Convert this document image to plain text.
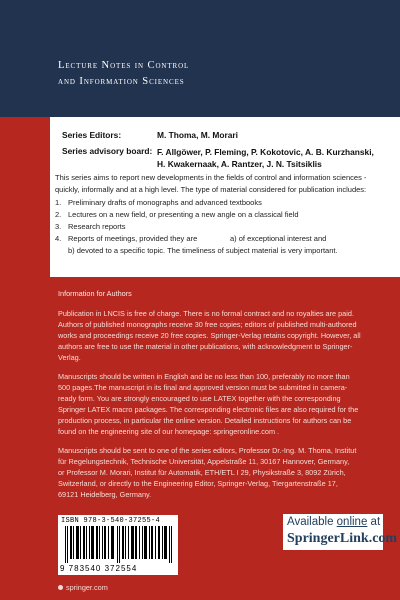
Lecture Notes in Control
and Information Sciences
Series Editors:	M. Thoma, M. Morari
Series advisory board: F. Allgöwer, P. Fleming, P. Kokotovic, A. B. Kurzhanski,
H. Kwakernaak, A. Rantzer, J. N. Tsitsiklis
This series aims to report new developments in the fields of control and information sciences -
quickly, informally and at a high level. The type of material considered for publication includes:
1. Preliminary drafts of monographs and advanced textbooks
2. Lectures on a new field, or presenting a new angle on a classical field
3. Research reports
4. Reports of meetings, provided they are	a) of exceptional interest and
b) devoted to a specific topic. The timeliness of subject material is very important.
Information for Authors
Publication in LNCIS is free of charge. There is no formal contract and no royalties are paid.
Authors of published monographs receive 30 free copies; editors of published multi-authored
works and proceedings receive 20 free copies. Springer-Verlag retains copyright. However, all
authors are free to use the material in other publications, with acknowledgment to Springer-
Verlag.
Manuscripts should be written in English and be no less than 100, preferably no more than
500 pages.The manuscript in its final and approved version must be submitted in camera-
ready form. You are strongly encouraged to use LATEX together with the corresponding
Springer LATEX macro packages. The corresponding electronic files are also required for the
production process, in particular the online version. Detailed instructions for authors can be
found on the engineering site of our homepage: springeronline.com .
Manuscripts should be sent to one of the series editors, Professor Dr.-Ing. M. Thoma, Institut
für Regelungstechnik, Technische Universität, Appelstraße 11, 30167 Hannover, Germany,
or Professor M. Morari, Institut für Automatik, ETH/ETL I 29, Physikstraße 3, 8092 Zürich,
Switzerland, or directly to the Engineering Editor, Springer-Verlag, Tiergartenstraße 17,
69121 Heidelberg, Germany.
ISBN 978-3-540-37255-4
9 783540 372554
springer.com
Available online at
SpringerLink.com
